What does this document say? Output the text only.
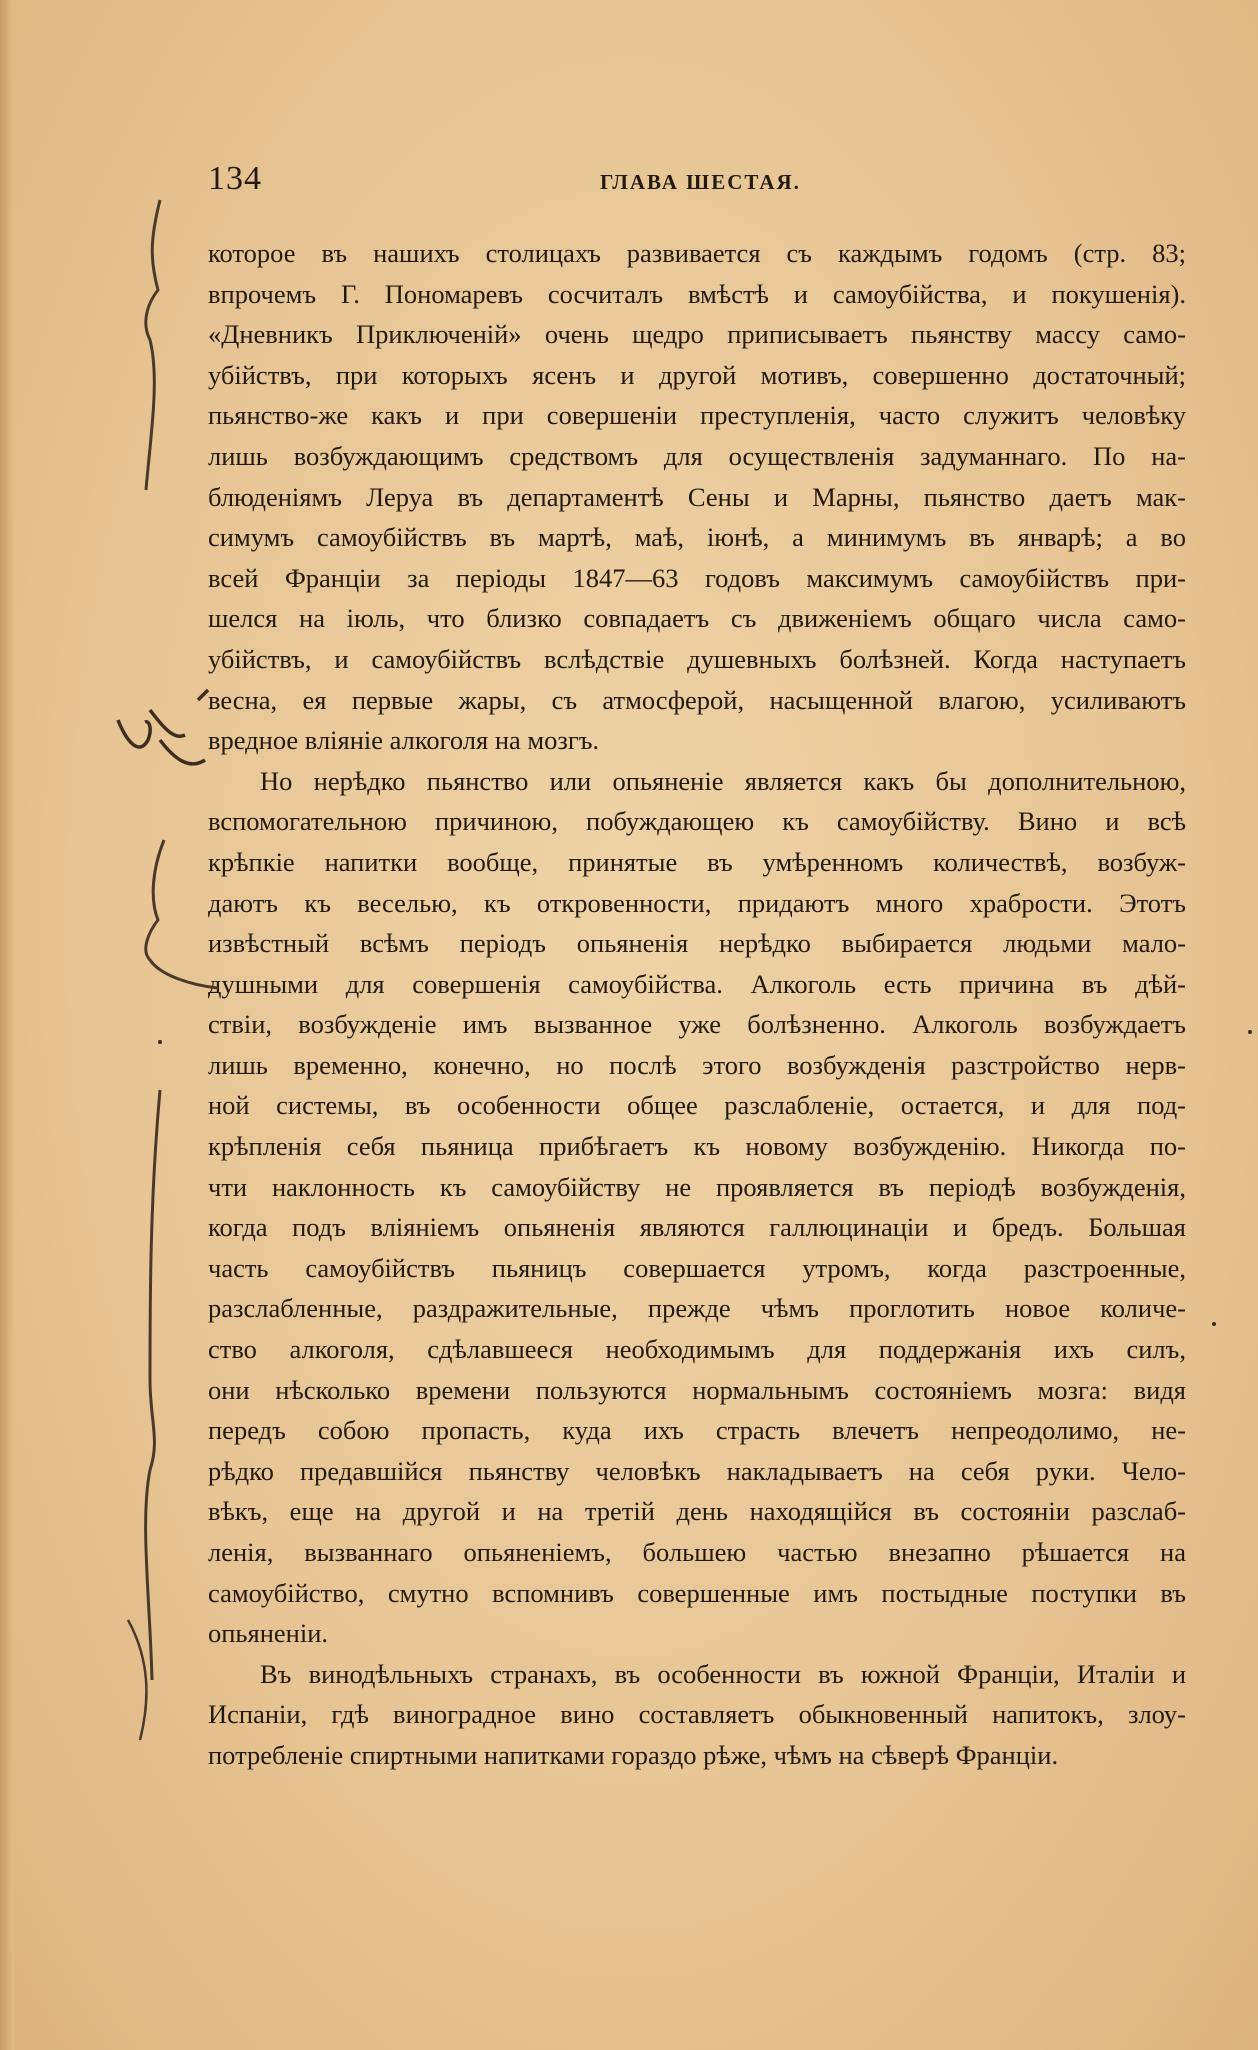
134	ГЛАВА ШЕСТАЯ.
которое въ нашихъ столицахъ развивается съ каждымъ годомъ (стр. 83;
впрочемъ Г. Пономаревъ сосчиталъ вмѣстѣ и самоубійства, и покушенія).
«Дневникъ Приключеній» очень щедро приписываетъ пьянству массу само-
убійствъ, при которыхъ ясенъ и другой мотивъ, совершенно достаточный;
пьянство-же какъ и при совершеніи преступленія, часто служитъ человѣку
лишь возбуждающимъ средствомъ для осуществленія задуманнаго. По на-
блюденіямъ Леруа въ департаментѣ Сены и Марны, пьянство даетъ мак-
симумъ самоубійствъ въ мартѣ, маѣ, іюнѣ, а минимумъ въ январѣ; а во
всей Франціи за періоды 1847—63 годовъ максимумъ самоубійствъ при-
шелся на іюль, что близко совпадаетъ съ движеніемъ общаго числа само-
убійствъ, и самоубійствъ вслѣдствіе душевныхъ болѣзней. Когда наступаетъ
весна, ея первые жары, съ атмосферой, насыщенной влагою, усиливаютъ
вредное вліяніе алкоголя на мозгъ.
Но нерѣдко пьянство или опьяненіе является какъ бы дополнительною,
вспомогательною причиною, побуждающею къ самоубійству. Вино и всѣ
крѣпкіе напитки вообще, принятые въ умѣренномъ количествѣ, возбуж-
даютъ къ веселью, къ откровенности, придаютъ много храбрости. Этотъ
извѣстный всѣмъ періодъ опьяненія нерѣдко выбирается людьми мало-
душными для совершенія самоубійства. Алкоголь есть причина въ дѣй-
ствіи, возбужденіе имъ вызванное уже болѣзненно. Алкоголь возбуждаетъ
лишь временно, конечно, но послѣ этого возбужденія разстройство нерв-
ной системы, въ особенности общее разслабленіе, остается, и для под-
крѣпленія себя пьяница прибѣгаетъ къ новому возбужденію. Никогда по-
чти наклонность къ самоубійству не проявляется въ періодѣ возбужденія,
когда подъ вліяніемъ опьяненія являются галлюцинаціи и бредъ. Большая
часть самоубійствъ пьяницъ совершается утромъ, когда разстроенные,
разслабленные, раздражительные, прежде чѣмъ проглотить новое количе-
ство алкоголя, сдѣлавшееся необходимымъ для поддержанія ихъ силъ,
они нѣсколько времени пользуются нормальнымъ состояніемъ мозга: видя
передъ собою пропасть, куда ихъ страсть влечетъ непреодолимо, не-
рѣдко предавшійся пьянству человѣкъ накладываетъ на себя руки. Чело-
вѣкъ, еще на другой и на третій день находящійся въ состояніи разслаб-
ленія, вызваннаго опьяненіемъ, большею частью внезапно рѣшается на
самоубійство, смутно вспомнивъ совершенные имъ постыдные поступки въ
опьяненіи.
Въ винодѣльныхъ странахъ, въ особенности въ южной Франціи, Италіи и
Испаніи, гдѣ виноградное вино составляетъ обыкновенный напитокъ, злоу-
потребленіе спиртными напитками гораздо рѣже, чѣмъ на сѣверѣ Франціи.
